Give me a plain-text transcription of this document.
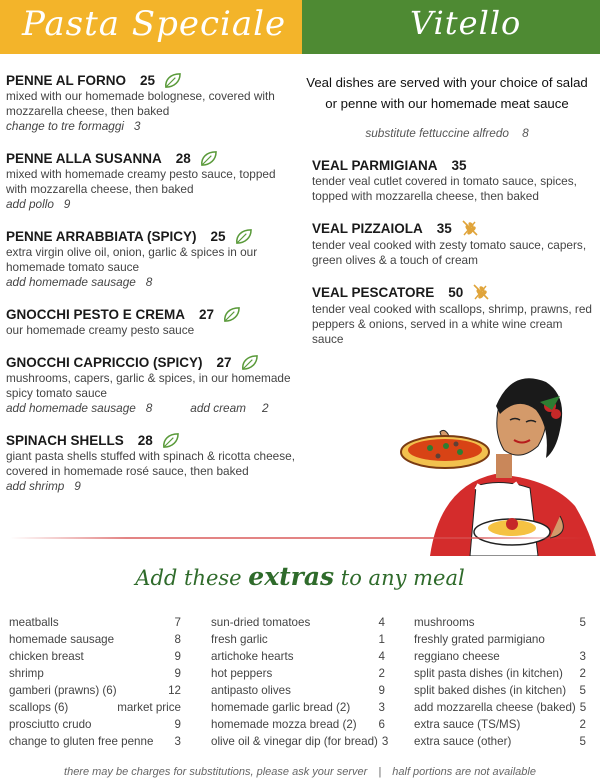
Pasta Speciale	Vitello
PENNE AL FORNO 25
mixed with our homemade bolognese, covered with mozzarella cheese, then baked
change to tre formaggi 3
PENNE ALLA SUSANNA 28
mixed with homemade creamy pesto sauce, topped with mozzarella cheese, then baked
add pollo 9
PENNE ARRABBIATA (SPICY) 25
extra virgin olive oil, onion, garlic & spices in our homemade tomato sauce
add homemade sausage 8
GNOCCHI PESTO E CREMA 27
our homemade creamy pesto sauce
GNOCCHI CAPRICCIO (SPICY) 27
mushrooms, capers, garlic & spices, in our homemade spicy tomato sauce
add homemade sausage 8	add cream 2
SPINACH SHELLS 28
giant pasta shells stuffed with spinach & ricotta cheese, covered in homemade rosé sauce, then baked
add shrimp 9
Veal dishes are served with your choice of salad or penne with our homemade meat sauce
substitute fettuccine alfredo 8
VEAL PARMIGIANA 35
tender veal cutlet covered in tomato sauce, spices, topped with mozzarella cheese, then baked
VEAL PIZZAIOLA 35
tender veal cooked with zesty tomato sauce, capers, green olives & a touch of cream
VEAL PESCATORE 50
tender veal cooked with scallops, shrimp, prawns, red peppers & onions, served in a white wine cream sauce
Add these extras to any meal
meatballs	7
homemade sausage	8
chicken breast	9
shrimp	9
gamberi (prawns) (6)	12
scallops (6)	market price
prosciutto crudo	9
change to gluten free penne 3
sun-dried tomatoes	4
fresh garlic	1
artichoke hearts	4
hot peppers	2
antipasto olives	9
homemade garlic bread (2) 3
homemade mozza bread (2) 6
olive oil & vinegar dip (for bread) 3
mushrooms	5
freshly grated parmigiano
reggiano cheese	3
split pasta dishes (in kitchen) 2
split baked dishes (in kitchen) 5
add mozzarella cheese (baked) 5
extra sauce (TS/MS)	2
extra sauce (other)	5
there may be charges for substitutions, please ask your server | half portions are not available
